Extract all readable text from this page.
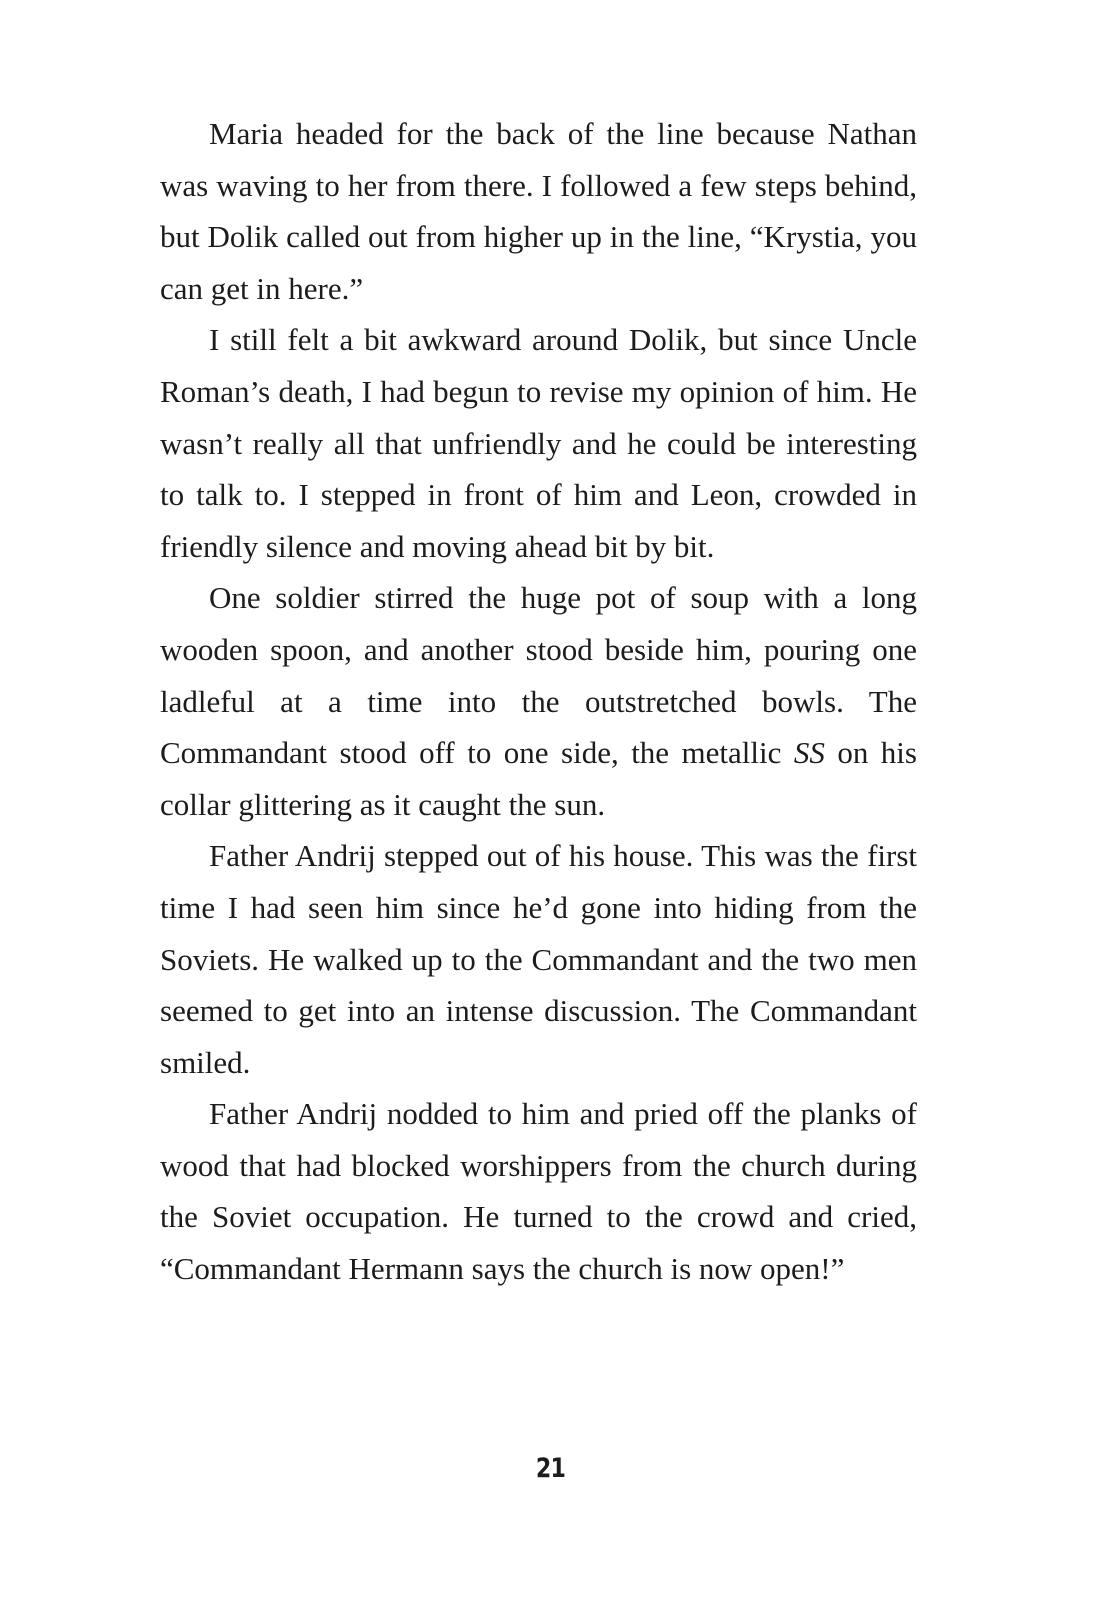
Maria headed for the back of the line because Nathan was waving to her from there. I followed a few steps behind, but Dolik called out from higher up in the line, “Krystia, you can get in here.”

I still felt a bit awkward around Dolik, but since Uncle Roman’s death, I had begun to revise my opinion of him. He wasn’t really all that unfriendly and he could be interesting to talk to. I stepped in front of him and Leon, crowded in friendly silence and moving ahead bit by bit.

One soldier stirred the huge pot of soup with a long wooden spoon, and another stood beside him, pouring one ladleful at a time into the outstretched bowls. The Commandant stood off to one side, the metallic SS on his collar glittering as it caught the sun.

Father Andrij stepped out of his house. This was the first time I had seen him since he’d gone into hiding from the Soviets. He walked up to the Commandant and the two men seemed to get into an intense discussion. The Commandant smiled.

Father Andrij nodded to him and pried off the planks of wood that had blocked worshippers from the church during the Soviet occupation. He turned to the crowd and cried, “Commandant Hermann says the church is now open!”

21
